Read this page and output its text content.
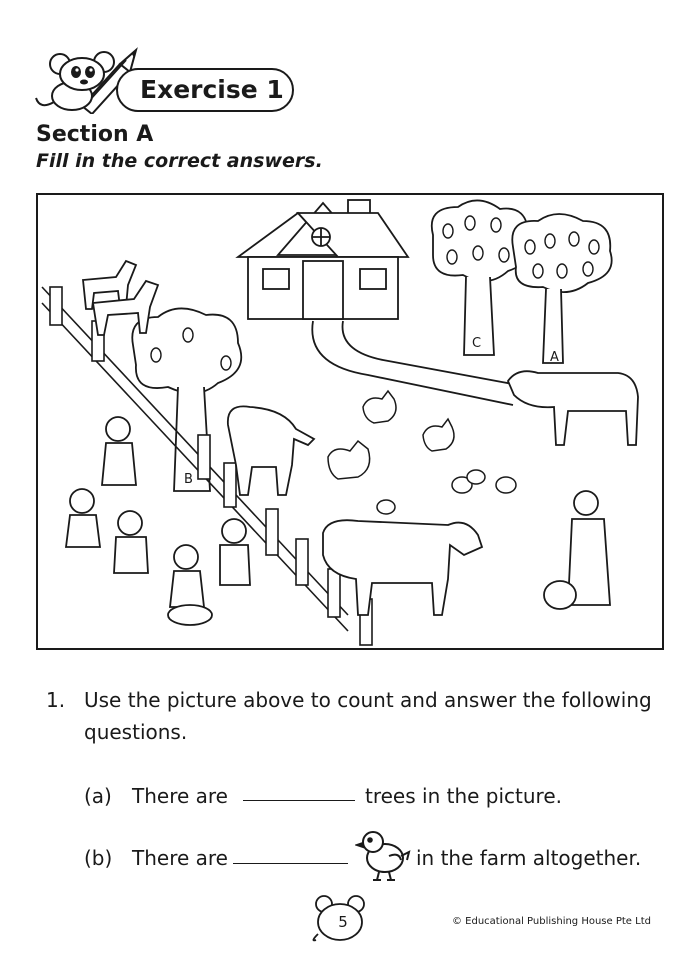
Exercise 1
Section A
Fill in the correct answers.
A
B
C
1. Use the picture above to count and answer the following
questions.
(a) There are	trees in the picture.
(b) There are	in the farm altogether.
5	© Educational Publishing House Pte Ltd
